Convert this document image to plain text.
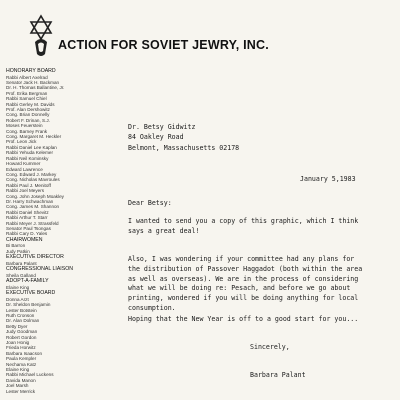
ACTION FOR SOVIET JEWRY, INC.
HONORARY BOARD
Rabbi Albert Axelrad
Senator Jack H. Backman
Dr. H. Thomas Ballantine, Jr.
Prof. Erika Bergman
Rabbi Samuel Chiel
Rabbi Gerley M. Davids
Prof. Alan Dershowitz
Cong. Brian Donnelly
Robert F. Drinan, S.J.
Moses Feuerstein
Cong. Barney Frank
Cong. Margaret M. Heckler
Prof. Leon Jick
Rabbi Daniel Lee Kaplan
Rabbi Yehuda Kelemer
Rabbi Neil Kominsky
Howard Kummer
Edward Lawrence
Cong. Edward J. Markey
Cong. Nicholas Mavroules
Rabbi Paul J. Menitoff
Rabbi Joel Meyers
Cong. John Joseph Moakley
Dr. Harry Schwachman
Cong. James M. Shannon
Rabbi Daniel Shevitz
Rabbi Arthur T. Starr
Rabbi Meyer J. Strassfeld
Senator Paul Tsongas
Rabbi Cary D. Yales
CHAIRWOMEN
Bi Barron
Judy Patkin
EXECUTIVE DIRECTOR
Barbara Palant
CONGRESSIONAL LIAISON
Sheila Galland
ADOPT-A-FAMILY
Elaine King
EXECUTIVE BOARD
Donna Arzt
Dr. Sheldon Benjamin
Lester Botstein
Ruth Cronson
Dr. Alan Dolman
Betty Dyer
Judy Goodman
Robert Gordon
Joan Honig
Frieda Horwitz
Barbara Isaacson
Paula Kempler
Nechama Katz
Elaine King
Rabbi Michael Luckens
Davida Manon
Joel Marsh
Lester Merrick
Dr. Betsy Gidwitz
84 Oakley Road
Belmont, Massachusetts 02178
January 5,1983
Dear Betsy:
I wanted to send you a copy of this graphic, which I think
says a great deal!
Also, I was wondering if your committee had any plans for
the distribution of Passover Haggadot (both within the area
as well as overseas). We are in the process of considering
what we will be doing re: Pesach, and before we go about
printing, wondered if you will be doing anything for local
consumption.
Hoping that the New Year is off to a good start for you...
Sincerely,
Barbara Palant
